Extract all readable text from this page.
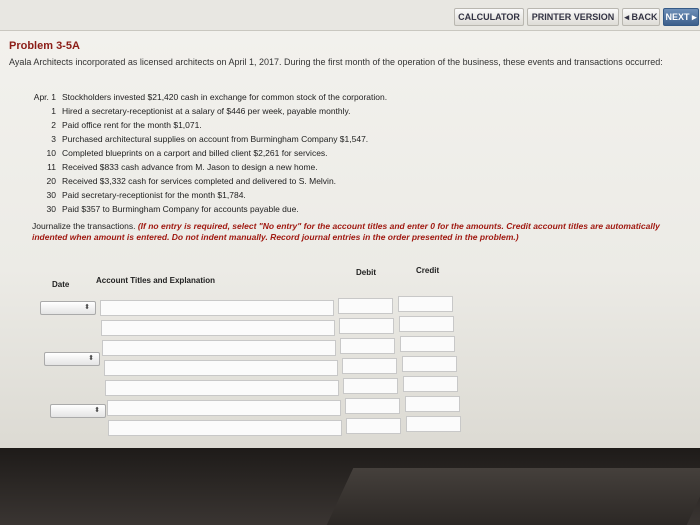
CALCULATOR	PRINTER VERSION	◂ BACK NEXT ▸
Problem 3-5A
Ayala Architects incorporated as licensed architects on April 1, 2017. During the first month of the operation of the business, these events and transactions occurred:
Apr. 1 Stockholders invested $21,420 cash in exchange for common stock of the corporation.
1 Hired a secretary-receptionist at a salary of $446 per week, payable monthly.
2 Paid office rent for the month $1,071.
3 Purchased architectural supplies on account from Burmingham Company $1,547.
10 Completed blueprints on a carport and billed client $2,261 for services.
11 Received $833 cash advance from M. Jason to design a new home.
20 Received $3,332 cash for services completed and delivered to S. Melvin.
30 Paid secretary-receptionist for the month $1,784.
30 Paid $357 to Burmingham Company for accounts payable due.
Journalize the transactions. (If no entry is required, select "No entry" for the account titles and enter 0 for the amounts. Credit account titles are automatically indented when amount is entered. Do not indent manually. Record journal entries in the order presented in the problem.)
Date	Account Titles and Explanation
Debit	Credit
⬍
⬍
⬍
